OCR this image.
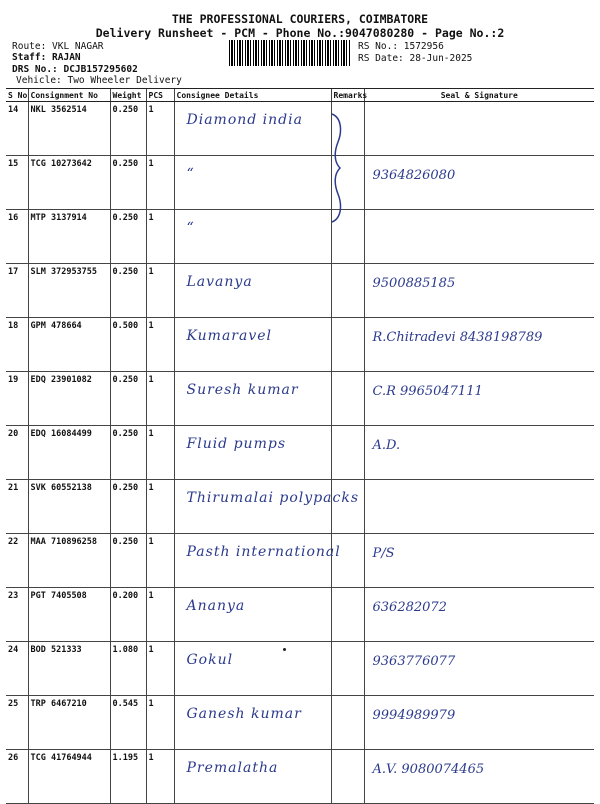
THE PROFESSIONAL COURIERS, COIMBATORE
Delivery Runsheet - PCM - Phone No.:9047080280 - Page No.:2
Route: VKL NAGAR
Staff: RAJAN
DRS No.: DCJB157295602
Vehicle: Two Wheeler Delivery
RS No.: 1572956
RS Date: 28-Jun-2025
S No	Consignment No	Weight	PCS	Consignee Details	Remarks	Seal & Signature
14	NKL 3562514	0.250	1	Diamond india		
15	TCG 10273642	0.250	1	“		9364826080
16	MTP 3137914	0.250	1	“		
17	SLM 372953755	0.250	1	Lavanya		9500885185
18	GPM 478664	0.500	1	Kumaravel		R.Chitradevi 8438198789
19	EDQ 23901082	0.250	1	Suresh kumar		C.R 9965047111
20	EDQ 16084499	0.250	1	Fluid pumps		A.D.
21	SVK 60552138	0.250	1	Thirumalai polypacks		
22	MAA 710896258	0.250	1	Pasth international		P/S
23	PGT 7405508	0.200	1	Ananya		636282072
24	BOD 521333	1.080	1	Gokul		9363776077
25	TRP 6467210	0.545	1	Ganesh kumar		9994989979
26	TCG 41764944	1.195	1	Premalatha		A.V. 9080074465
